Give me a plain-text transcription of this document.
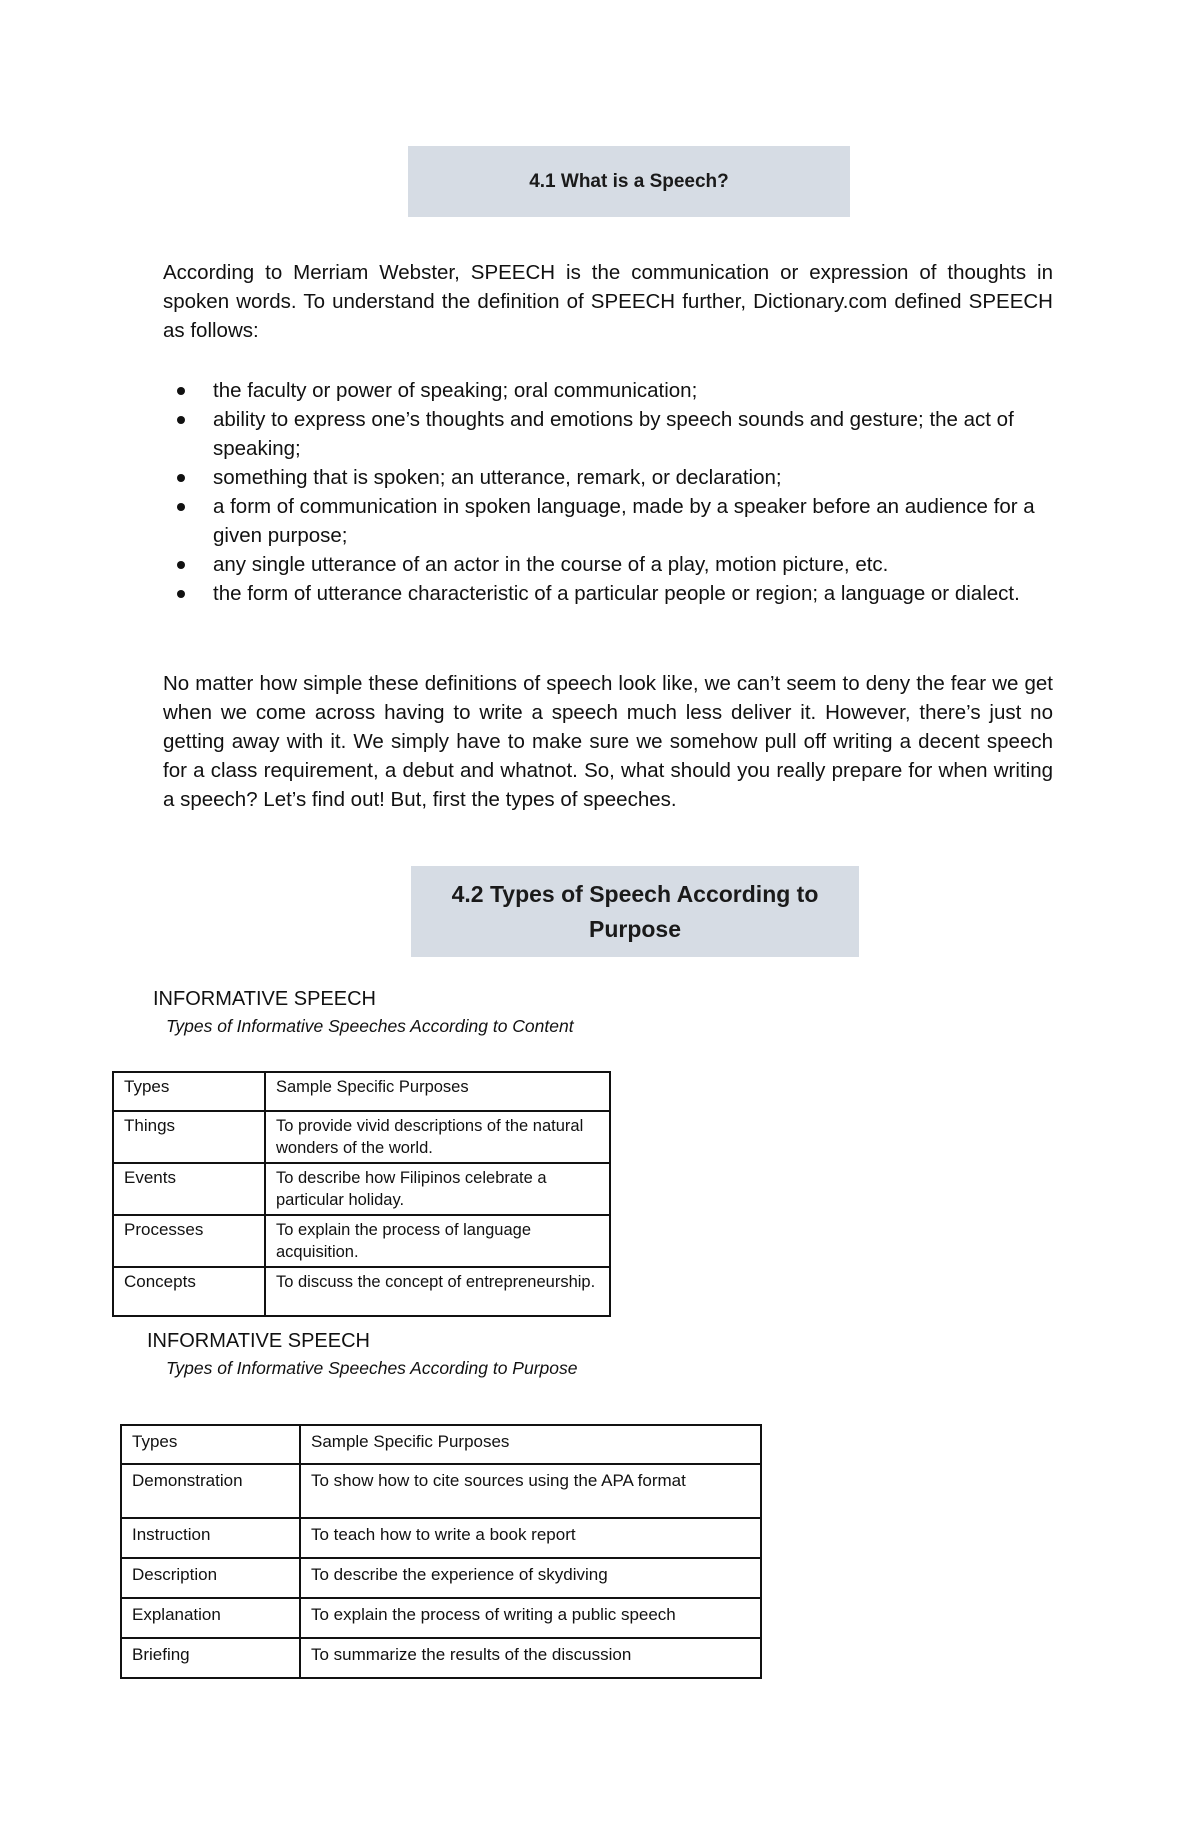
4.1 What is a Speech?

According to Merriam Webster, SPEECH is the communication or expression of thoughts in spoken words. To understand the definition of SPEECH further, Dictionary.com defined SPEECH as follows:

the faculty or power of speaking; oral communication;
ability to express one’s thoughts and emotions by speech sounds and gesture; the act of speaking;
something that is spoken; an utterance, remark, or declaration;
a form of communication in spoken language, made by a speaker before an audience for a given purpose;
any single utterance of an actor in the course of a play, motion picture, etc.
the form of utterance characteristic of a particular people or region; a language or dialect.

No matter how simple these definitions of speech look like, we can’t seem to deny the fear we get when we come across having to write a speech much less deliver it. However, there’s just no getting away with it. We simply have to make sure we somehow pull off writing a decent speech for a class requirement, a debut and whatnot. So, what should you really prepare for when writing a speech? Let’s find out! But, first the types of speeches.

4.2 Types of Speech According to
Purpose
INFORMATIVE SPEECH
Types of Informative Speeches According to Content
Types	Sample Specific Purposes
Things	To provide vivid descriptions of the natural wonders of the world.
Events	To describe how Filipinos celebrate a particular holiday.
Processes	To explain the process of language acquisition.
Concepts	To discuss the concept of entrepreneurship.
INFORMATIVE SPEECH
Types of Informative Speeches According to Purpose
Types	Sample Specific Purposes
Demonstration	To show how to cite sources using the APA format
Instruction	To teach how to write a book report
Description	To describe the experience of skydiving
Explanation	To explain the process of writing a public speech
Briefing	To summarize the results of the discussion
